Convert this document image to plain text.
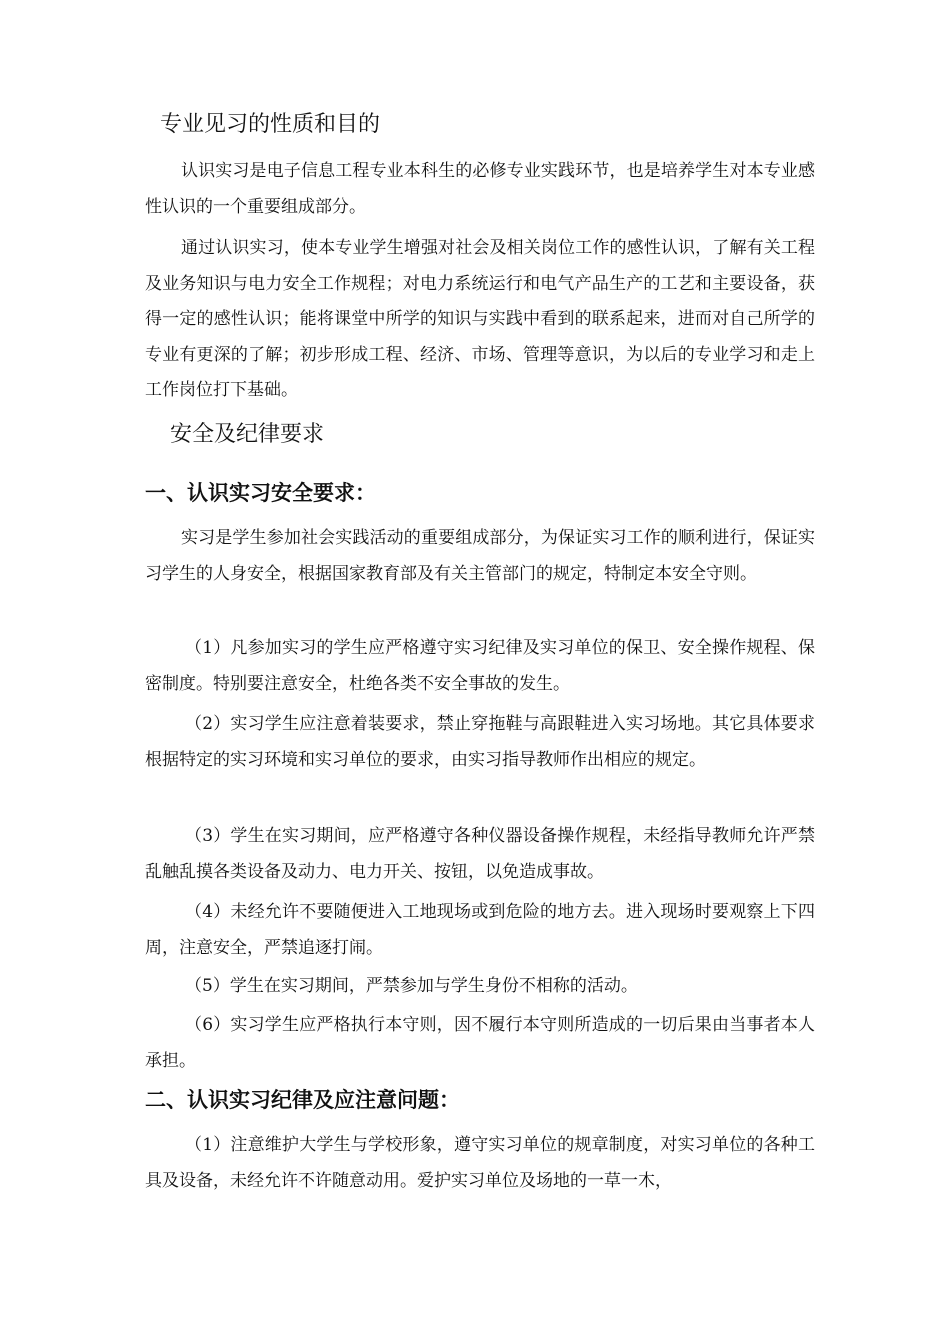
专业见习的性质和目的

认识实习是电子信息工程专业本科生的必修专业实践环节，也是培养学生对本专业感性认识的一个重要组成部分。

通过认识实习，使本专业学生增强对社会及相关岗位工作的感性认识，了解有关工程及业务知识与电力安全工作规程；对电力系统运行和电气产品生产的工艺和主要设备，获得一定的感性认识；能将课堂中所学的知识与实践中看到的联系起来，进而对自己所学的专业有更深的了解；初步形成工程、经济、市场、管理等意识，为以后的专业学习和走上工作岗位打下基础。

安全及纪律要求
一、认识实习安全要求：

实习是学生参加社会实践活动的重要组成部分，为保证实习工作的顺利进行，保证实习学生的人身安全，根据国家教育部及有关主管部门的规定，特制定本安全守则。

（1）凡参加实习的学生应严格遵守实习纪律及实习单位的保卫、安全操作规程、保密制度。特别要注意安全，杜绝各类不安全事故的发生。

（2）实习学生应注意着装要求，禁止穿拖鞋与高跟鞋进入实习场地。其它具体要求根据特定的实习环境和实习单位的要求，由实习指导教师作出相应的规定。

（3）学生在实习期间，应严格遵守各种仪器设备操作规程，未经指导教师允许严禁乱触乱摸各类设备及动力、电力开关、按钮，以免造成事故。

（4）未经允许不要随便进入工地现场或到危险的地方去。进入现场时要观察上下四周，注意安全，严禁追逐打闹。

（5）学生在实习期间，严禁参加与学生身份不相称的活动。

（6）实习学生应严格执行本守则，因不履行本守则所造成的一切后果由当事者本人承担。

二、认识实习纪律及应注意问题：

（1）注意维护大学生与学校形象，遵守实习单位的规章制度，对实习单位的各种工具及设备，未经允许不许随意动用。爱护实习单位及场地的一草一木，
